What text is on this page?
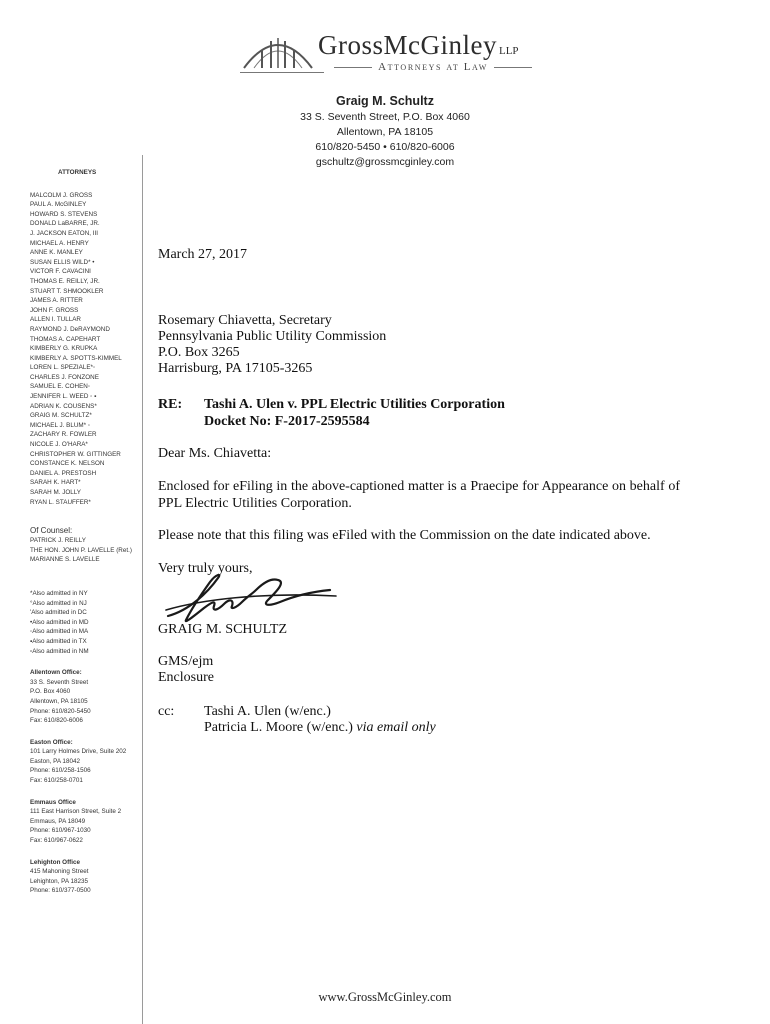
GrossMcGinley LLP
Attorneys at Law
Graig M. Schultz
33 S. Seventh Street, P.O. Box 4060
Allentown, PA 18105
610/820-5450 • 610/820-6006
gschultz@grossmcginley.com
ATTORNEYS
MALCOLM J. GROSS
PAUL A. McGINLEY
HOWARD S. STEVENS
DONALD LaBARRE, JR.
J. JACKSON EATON, III
MICHAEL A. HENRY
ANNE K. MANLEY
SUSAN ELLIS WILD* •
VICTOR F. CAVACINI
THOMAS E. REILLY, JR.
STUART T. SHMOOKLER
JAMES A. RITTER
JOHN F. GROSS
ALLEN I. TULLAR
RAYMOND J. DeRAYMOND
THOMAS A. CAPEHART
KIMBERLY G. KRUPKA
KIMBERLY A. SPOTTS-KIMMEL
LOREN L. SPEZIALE*◦
CHARLES J. FONZONE
SAMUEL E. COHEN◦
JENNIFER L. WEED ◦ ▪
ADRIAN K. COUSENS*
GRAIG M. SCHULTZ*
MICHAEL J. BLUM* ◦
ZACHARY R. FOWLER
NICOLE J. O'HARA*
CHRISTOPHER W. GITTINGER
CONSTANCE K. NELSON
DANIEL A. PRESTOSH
SARAH K. HART*
SARAH M. JOLLY
RYAN L. STAUFFER*
Of Counsel:
PATRICK J. REILLY
THE HON. JOHN P. LAVELLE (Ret.)
MARIANNE S. LAVELLE
*Also admitted in NY
°Also admitted in NJ
'Also admitted in DC
•Also admitted in MD
◦Also admitted in MA
▪Also admitted in TX
▫Also admitted in NM
Allentown Office:
33 S. Seventh Street
P.O. Box 4060
Allentown, PA 18105
Phone: 610/820-5450
Fax: 610/820-6006
Easton Office:
101 Larry Holmes Drive, Suite 202
Easton, PA 18042
Phone: 610/258-1506
Fax: 610/258-0701
Emmaus Office
111 East Harrison Street, Suite 2
Emmaus, PA 18049
Phone: 610/967-1030
Fax: 610/967-0622
Lehighton Office
415 Mahoning Street
Lehighton, PA 18235
Phone: 610/377-0500
March 27, 2017
Rosemary Chiavetta, Secretary
Pennsylvania Public Utility Commission
P.O. Box 3265
Harrisburg, PA 17105-3265
RE: Tashi A. Ulen v. PPL Electric Utilities Corporation
Docket No: F-2017-2595584
Dear Ms. Chiavetta:
Enclosed for eFiling in the above-captioned matter is a Praecipe for Appearance on behalf of PPL Electric Utilities Corporation.
Please note that this filing was eFiled with the Commission on the date indicated above.
Very truly yours,
GRAIG M. SCHULTZ
GMS/ejm
Enclosure
cc: Tashi A. Ulen (w/enc.)
Patricia L. Moore (w/enc.) via email only
www.GrossMcGinley.com
